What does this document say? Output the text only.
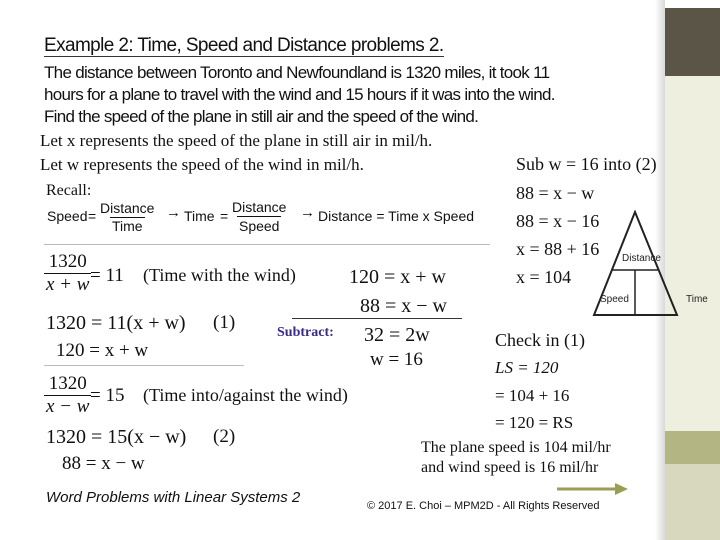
Example 2: Time, Speed and Distance problems 2.
The distance between Toronto and Newfoundland is 1320 miles, it took 11
hours for a plane to travel with the wind and 15 hours if it was into the wind.
Find the speed of the plane in still air and the speed of the wind.
Let x represents the speed of the plane in still air in mil/h.
Let w represents the speed of the wind in mil/h.
Recall:
Speed = Distance
Time
→ Time =
Distance
Speed
→ Distance = Time x Speed
$\frac{1320}{x + w}$
= 11 (Time with the wind)
1320 = 11(x + w) (1)
120 = x + w
$\frac{1320}{x - w}$
= 15 (Time into/against the wind)
1320 = 15(x − w) (2)
88 = x − w
120 = x + w
88 = x − w
Subtract: 32 = 2w
w = 16
Sub w = 16 into (2)
88 = x − w
88 = x − 16
x = 88 + 16
x = 104
Distance
Speed	Time
Check in (1)
LS = 120
= 104 + 16
= 120 = RS
The plane speed is 104 mil/hr
and wind speed is 16 mil/hr
Word Problems with Linear Systems 2	© 2017 E. Choi – MPM2D - All Rights Reserved
